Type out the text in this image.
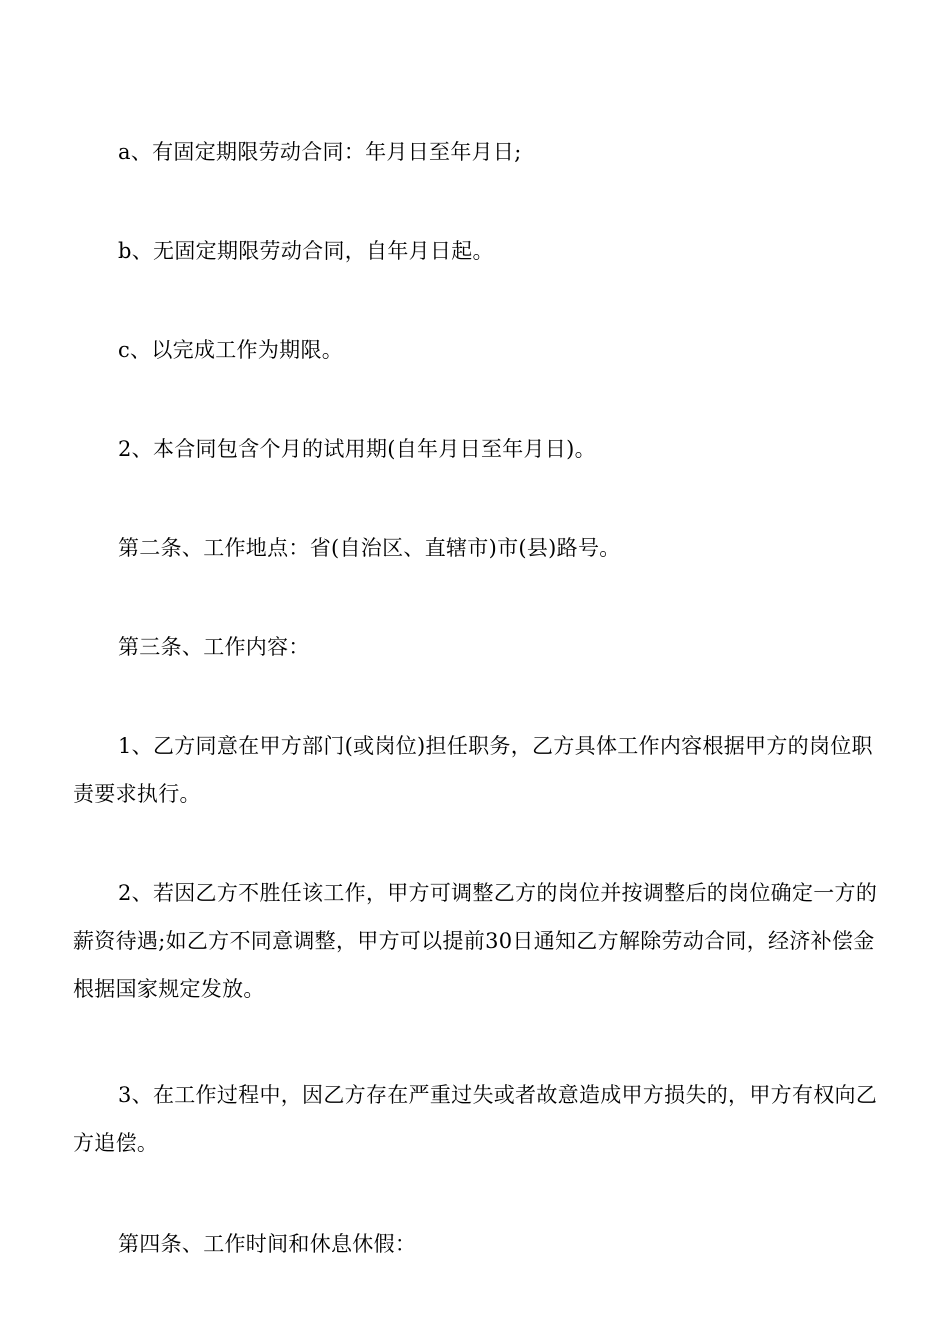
a、有固定期限劳动合同：年月日至年月日;

b、无固定期限劳动合同，自年月日起。

c、以完成工作为期限。

2、本合同包含个月的试用期(自年月日至年月日)。

第二条、工作地点：省(自治区、直辖市)市(县)路号。

第三条、工作内容：

1、乙方同意在甲方部门(或岗位)担任职务，乙方具体工作内容根据甲方的岗位职责要求执行。

2、若因乙方不胜任该工作，甲方可调整乙方的岗位并按调整后的岗位确定一方的薪资待遇;如乙方不同意调整，甲方可以提前30日通知乙方解除劳动合同，经济补偿金根据国家规定发放。

3、在工作过程中，因乙方存在严重过失或者故意造成甲方损失的，甲方有权向乙方追偿。

第四条、工作时间和休息休假：
